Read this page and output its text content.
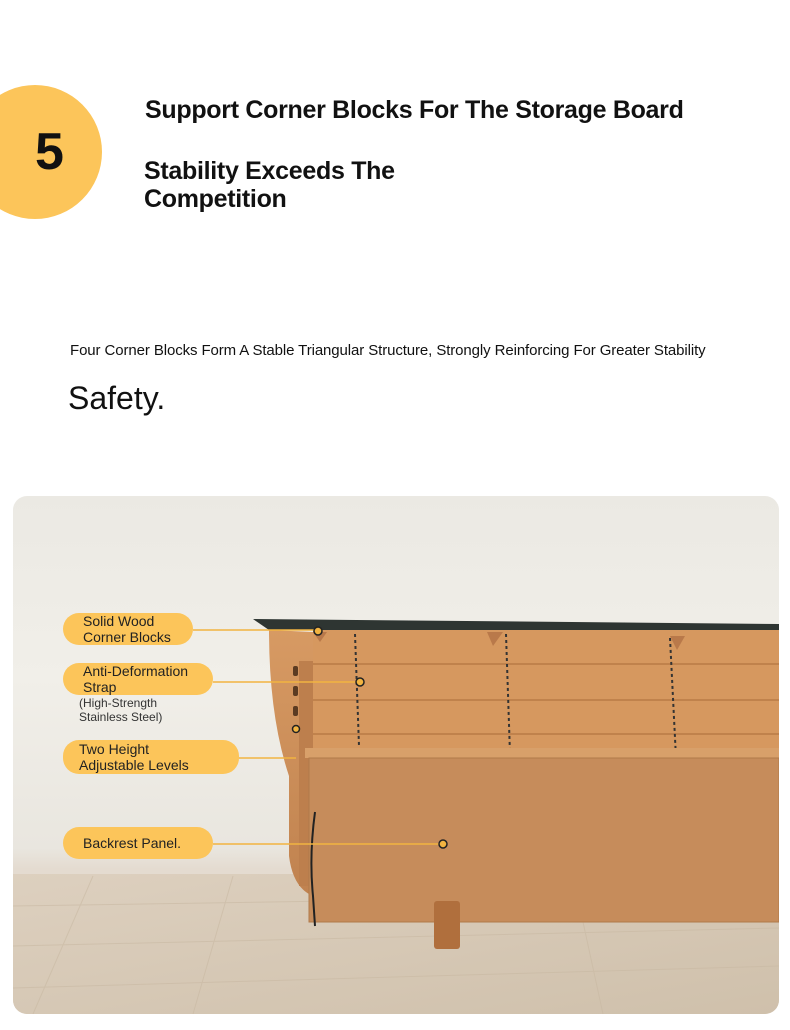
5
Support Corner Blocks For The Storage Board
Stability Exceeds The Competition

Four Corner Blocks Form A Stable Triangular Structure, Strongly Reinforcing For Greater Stability

Safety.

Solid Wood Corner Blocks
Anti-Deformation Strap
(High-Strength
Stainless Steel)
Two Height
Adjustable Levels
Backrest Panel.
